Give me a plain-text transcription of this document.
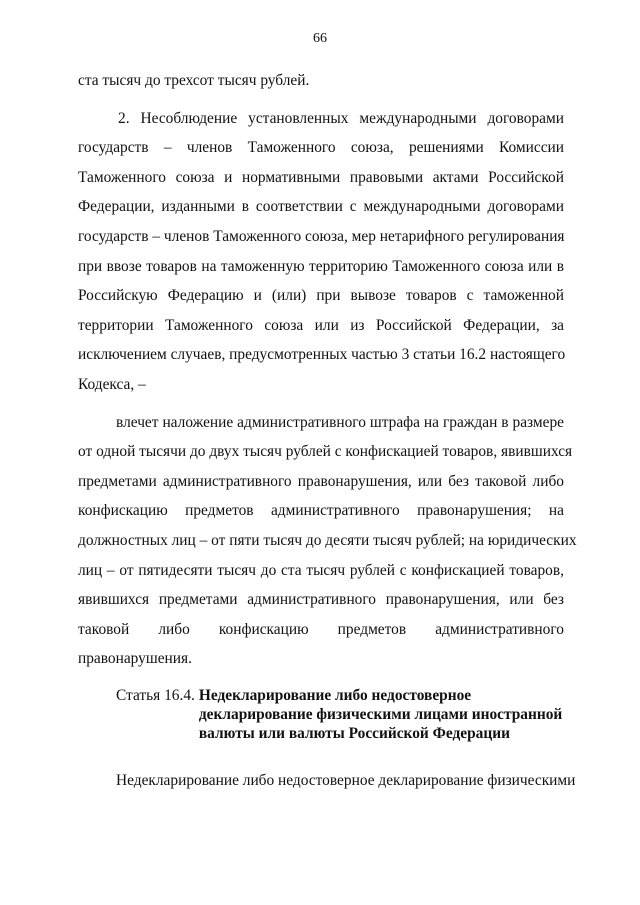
66
ста тысяч до трехсот тысяч рублей.
2. Несоблюдение установленных международными договорами
государств – членов Таможенного союза, решениями Комиссии
Таможенного союза и нормативными правовыми актами Российской
Федерации, изданными в соответствии с международными договорами
государств – членов Таможенного союза, мер нетарифного регулирования
при ввозе товаров на таможенную территорию Таможенного союза или в
Российскую Федерацию и (или) при вывозе товаров с таможенной
территории Таможенного союза или из Российской Федерации, за
исключением случаев, предусмотренных частью 3 статьи 16.2 настоящего
Кодекса, –
влечет наложение административного штрафа на граждан в размере
от одной тысячи до двух тысяч рублей с конфискацией товаров, явившихся
предметами административного правонарушения, или без таковой либо
конфискацию предметов административного правонарушения; на
должностных лиц – от пяти тысяч до десяти тысяч рублей; на юридических
лиц – от пятидесяти тысяч до ста тысяч рублей с конфискацией товаров,
явившихся предметами административного правонарушения, или без
таковой либо конфискацию предметов административного
правонарушения.
Статья 16.4. Недекларирование либо недостоверное
декларирование физическими лицами иностранной
валюты или валюты Российской Федерации
Недекларирование либо недостоверное декларирование физическими
